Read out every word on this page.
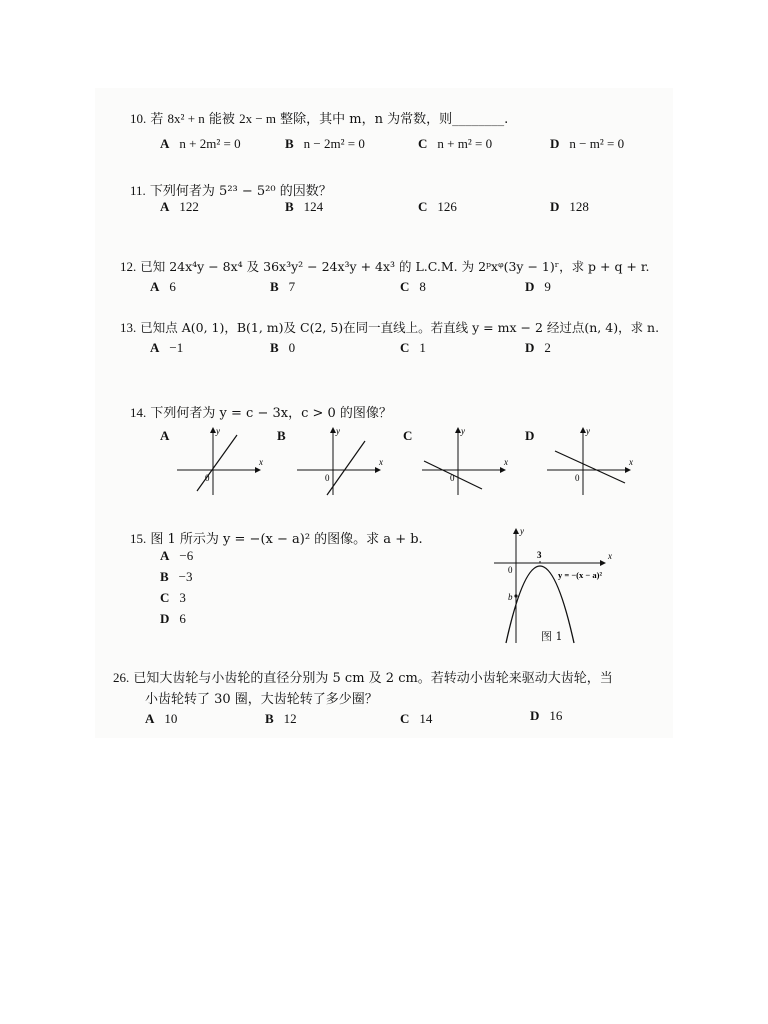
10. 若 8x² + n 能被 2x − m 整除，其中 m，n 为常数，则________.
A n + 2m² = 0	B n − 2m² = 0	C n + m² = 0	D n − m² = 0
11. 下列何者为 5²³ − 5²⁰ 的因数？
A 122	B 124	C 126	D 128
12. 已知 24x⁴y − 8x⁴ 及 36x³y² − 24x³y + 4x³ 的 L.C.M. 为 2ᵖxᵠ(3y − 1)ʳ，求 p + q + r.
A 6	B 7	C 8	D 9
13. 已知点 A(0, 1)，B(1, m)及 C(2, 5)在同一直线上。若直线 y = mx − 2 经过点(n, 4)，求 n.
A −1	B 0	C 1	D 2
14. 下列何者为 y = c − 3x，c > 0 的图像？
A
0
x
y	B
0
x
y	C
0
x
y	D
0
x
y
15. 图 1 所示为 y = −(x − a)² 的图像。求 a + b.
A −6
B −3
C 3
D 6
0
3
b
x
y
y = −(x − a)²
图 1
26. 已知大齿轮与小齿轮的直径分别为 5 cm 及 2 cm。若转动小齿轮来驱动大齿轮，当
小齿轮转了 30 圈，大齿轮转了多少圈？
A 10	B 12	C 14	D 16
